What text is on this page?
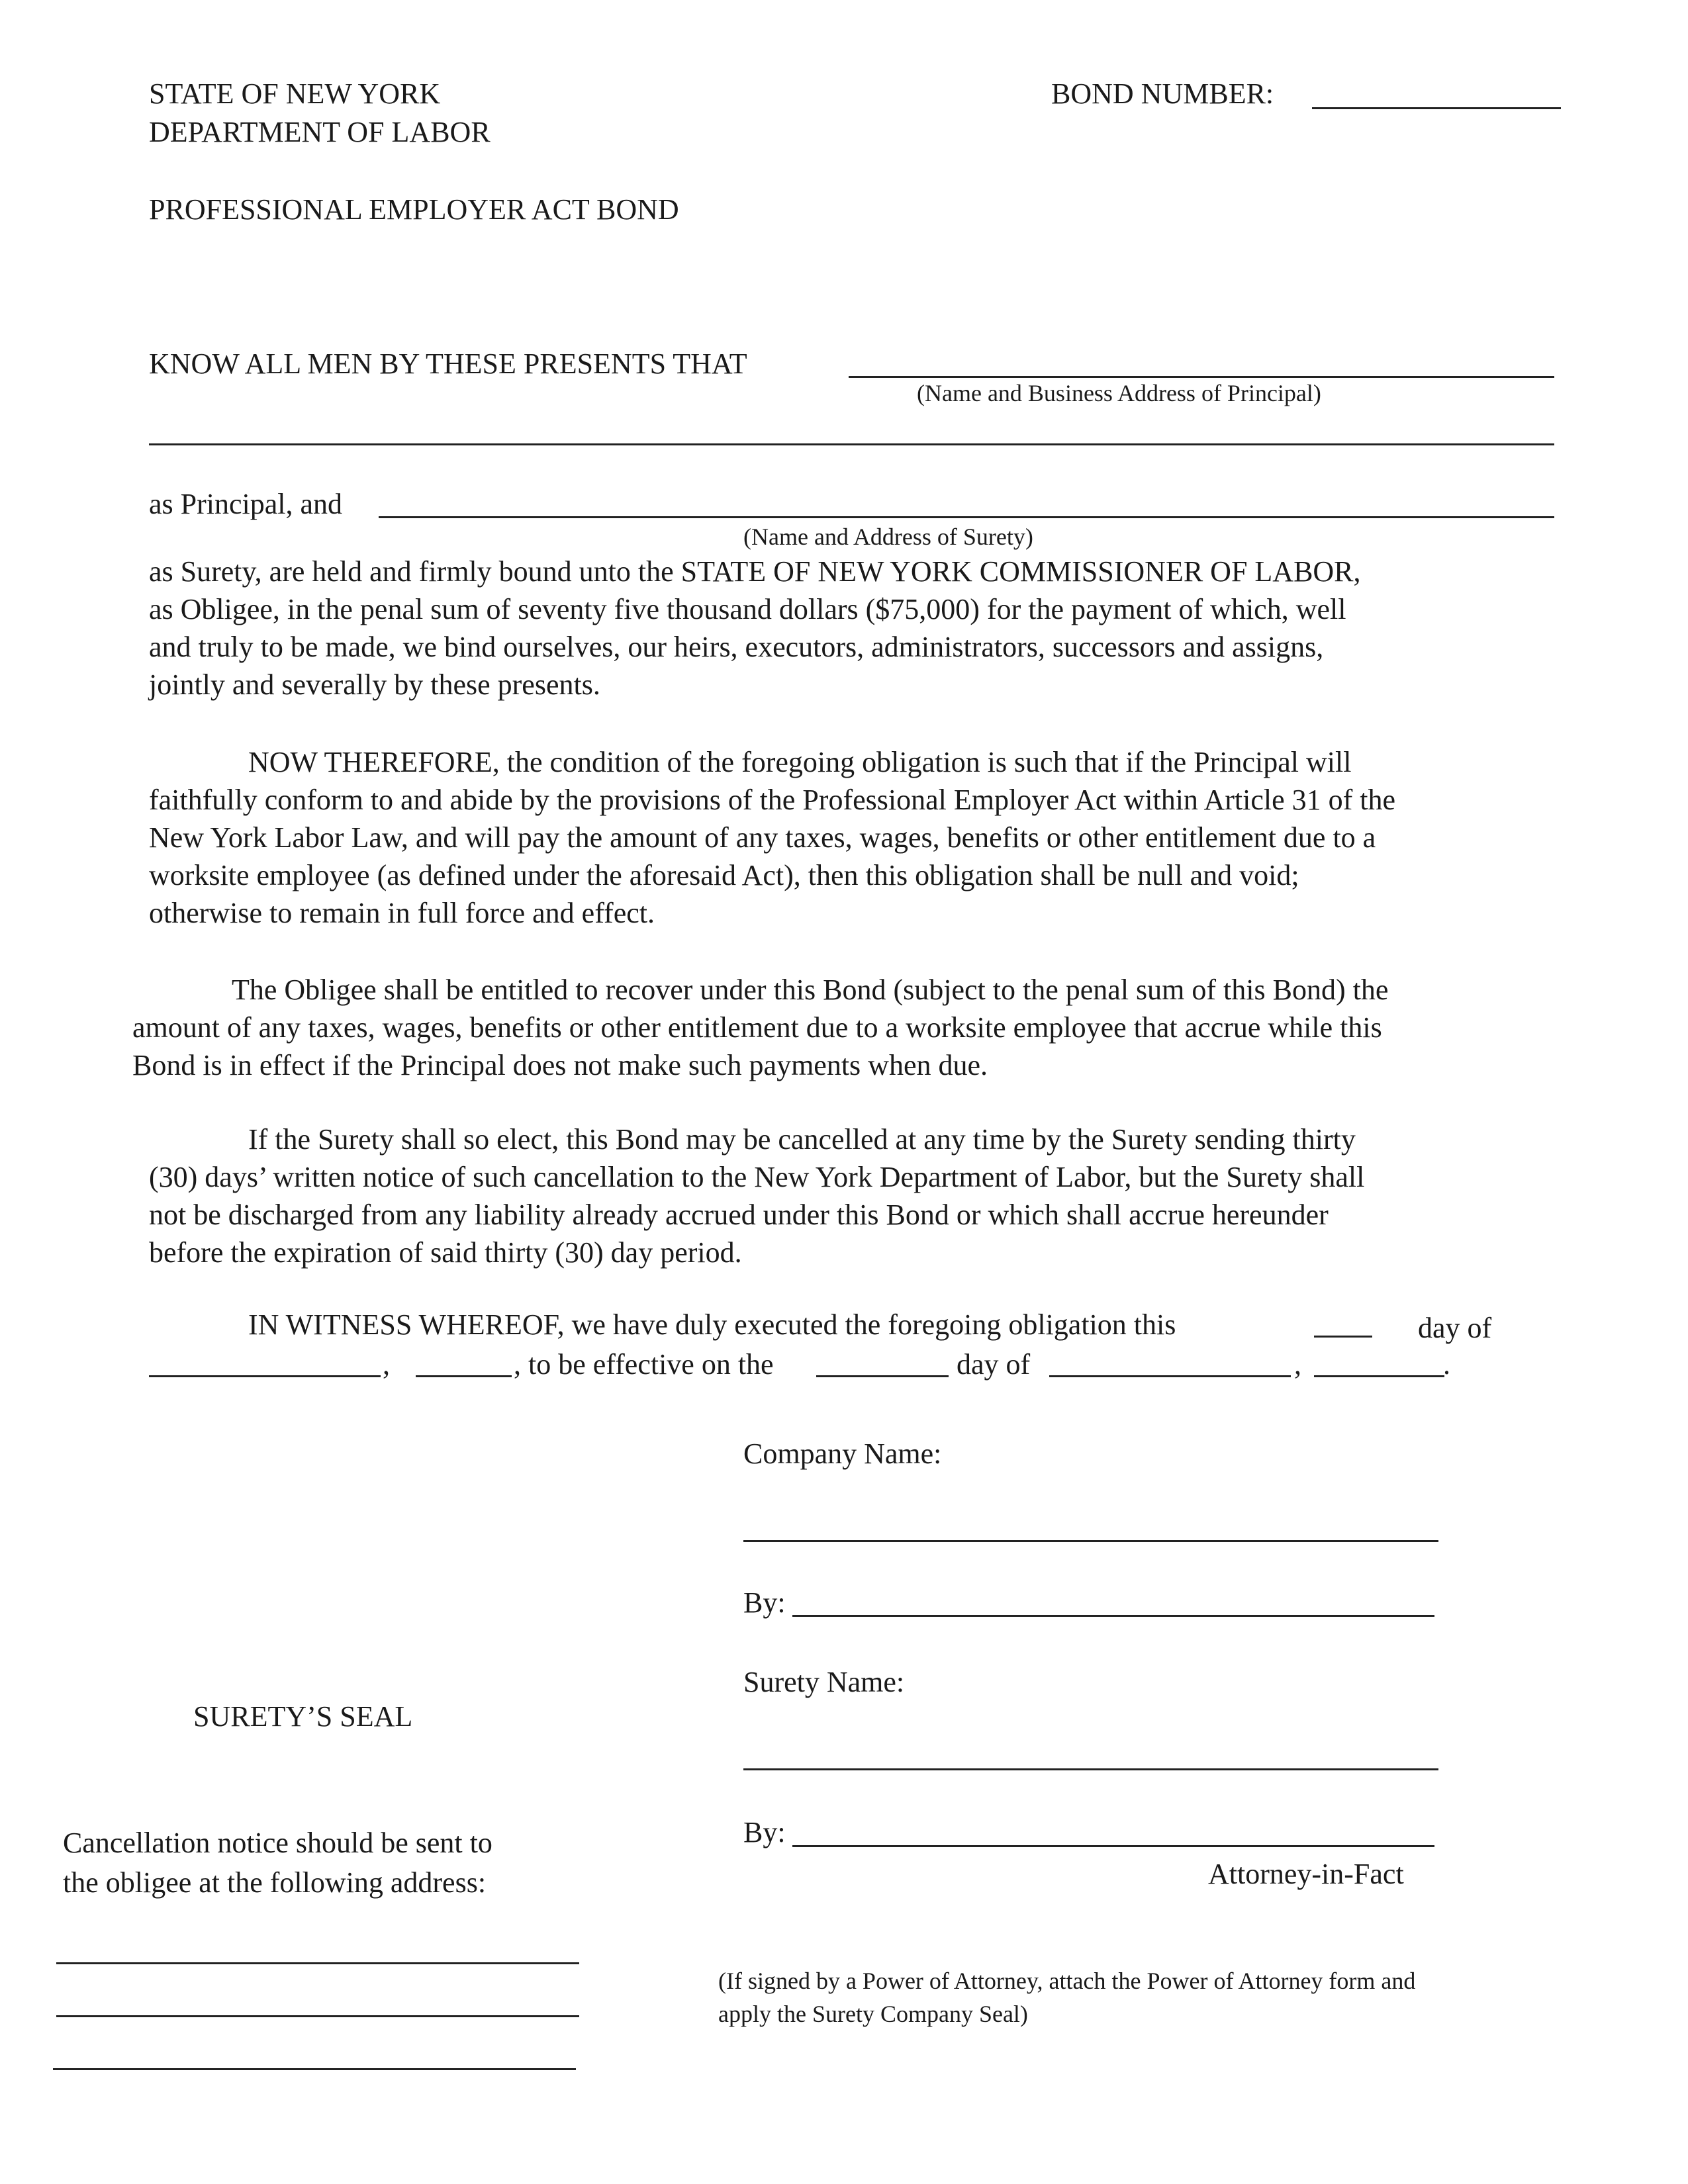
STATE OF NEW YORK
DEPARTMENT OF LABOR
BOND NUMBER:
PROFESSIONAL EMPLOYER ACT BOND
KNOW ALL MEN BY THESE PRESENTS THAT
(Name and Business Address of Principal)
as Principal, and
(Name and Address of Surety)
as Surety, are held and firmly bound unto the STATE OF NEW YORK COMMISSIONER OF LABOR,
as Obligee, in the penal sum of seventy five thousand dollars ($75,000) for the payment of which, well
and truly to be made, we bind ourselves, our heirs, executors, administrators, successors and assigns,
jointly and severally by these presents.
NOW THEREFORE, the condition of the foregoing obligation is such that if the Principal will
faithfully conform to and abide by the provisions of the Professional Employer Act within Article 31 of the
New York Labor Law, and will pay the amount of any taxes, wages, benefits or other entitlement due to a
worksite employee (as defined under the aforesaid Act), then this obligation shall be null and void;
otherwise to remain in full force and effect.
The Obligee shall be entitled to recover under this Bond (subject to the penal sum of this Bond) the
amount of any taxes, wages, benefits or other entitlement due to a worksite employee that accrue while this
Bond is in effect if the Principal does not make such payments when due.
If the Surety shall so elect, this Bond may be cancelled at any time by the Surety sending thirty
(30) days’ written notice of such cancellation to the New York Department of Labor, but the Surety shall
not be discharged from any liability already accrued under this Bond or which shall accrue hereunder
before the expiration of said thirty (30) day period.
IN WITNESS WHEREOF, we have duly executed the foregoing obligation this	day of
,	, to be effective on the	day of	,	.
Company Name:
By:
Surety Name:
By:
Attorney-in-Fact
(If signed by a Power of Attorney, attach the Power of Attorney form and
apply the Surety Company Seal)
SURETY’S SEAL
Cancellation notice should be sent to
the obligee at the following address:
